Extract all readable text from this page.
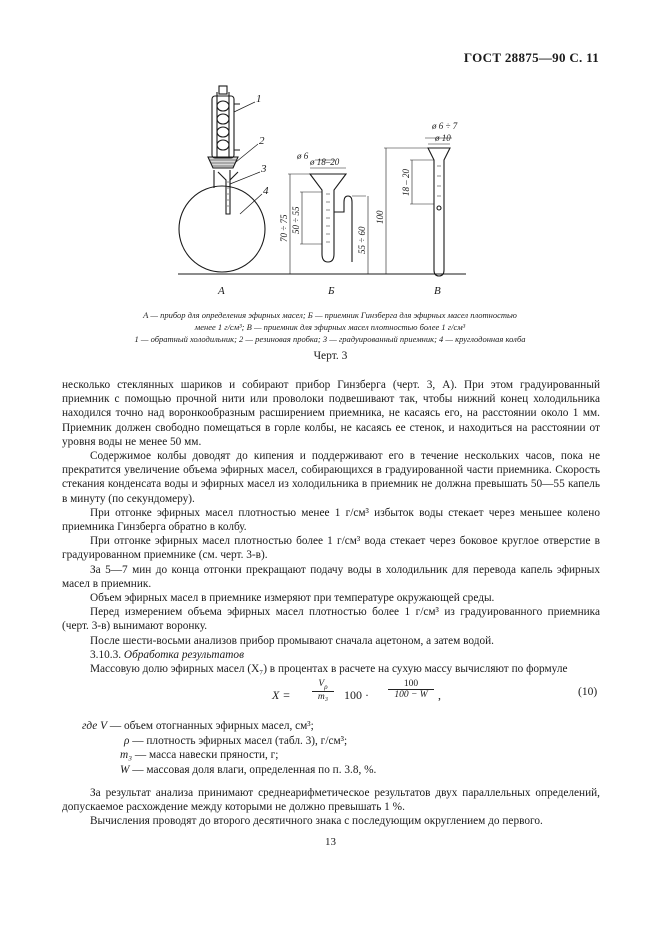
ГОСТ 28875—90 С. 11
1
2
3
4
А	Б	В
ø 18–20
ø 6
70 ÷ 75 50 ÷ 55
55 ÷ 60
ø 6 ÷ 7
ø 10
100
18 – 20
А — прибор для определения эфирных масел; Б — приемник Гинзберга для эфирных масел плотностью
менее 1 г/см³; В — приемник для эфирных масел плотностью более 1 г/см³
1 — обратный холодильник; 2 — резиновая пробка; 3 — градуированный приемник; 4 — круглодонная колба
Черт. 3

несколько стеклянных шариков и собирают прибор Гинзберга (черт. 3, А). При этом градуированный приемник с помощью прочной нити или проволоки подвешивают так, чтобы нижний конец холодильника находился точно над воронкообразным расширением приемника, не касаясь его, на расстоянии около 1 мм. Приемник должен свободно помещаться в горле колбы, не касаясь ее стенок, и находиться на расстоянии от уровня воды не менее 50 мм.

Содержимое колбы доводят до кипения и поддерживают его в течение нескольких часов, пока не прекратится увеличение объема эфирных масел, собирающихся в градуированной части приемника. Скорость стекания конденсата воды и эфирных масел из холодильника в приемник не должна превышать 50—55 капель в минуту (по секундомеру).

При отгонке эфирных масел плотностью менее 1 г/см³ избыток воды стекает через меньшее колено приемника Гинзберга обратно в колбу.

При отгонке эфирных масел плотностью более 1 г/см³ вода стекает через боковое круглое отверстие в градуированном приемнике (см. черт. 3-в).

За 5—7 мин до конца отгонки прекращают подачу воды в холодильник для перевода капель эфирных масел в приемник.

Объем эфирных масел в приемнике измеряют при температуре окружающей среды.

Перед измерением объема эфирных масел плотностью более 1 г/см³ из градуированного приемника (черт. 3-в) вынимают воронку.

После шести-восьми анализов прибор промывают сначала ацетоном, а затем водой.

3.10.3. Обработка результатов

Массовую долю эфирных масел (X₇) в процентах в расчете на сухую массу вычисляют по формуле

X =
$V_\rho$
m₃	100 ·
100
100 − W ,	(10)
где V — объем отогнанных эфирных масел, см³;
ρ — плотность эфирных масел (табл. 3), г/см³;
m₃ — масса навески пряности, г;
W — массовая доля влаги, определенная по п. 3.8, %.

За результат анализа принимают среднеарифметическое результатов двух параллельных определений, допускаемое расхождение между которыми не должно превышать 1 %.

Вычисления проводят до второго десятичного знака с последующим округлением до первого.

13
